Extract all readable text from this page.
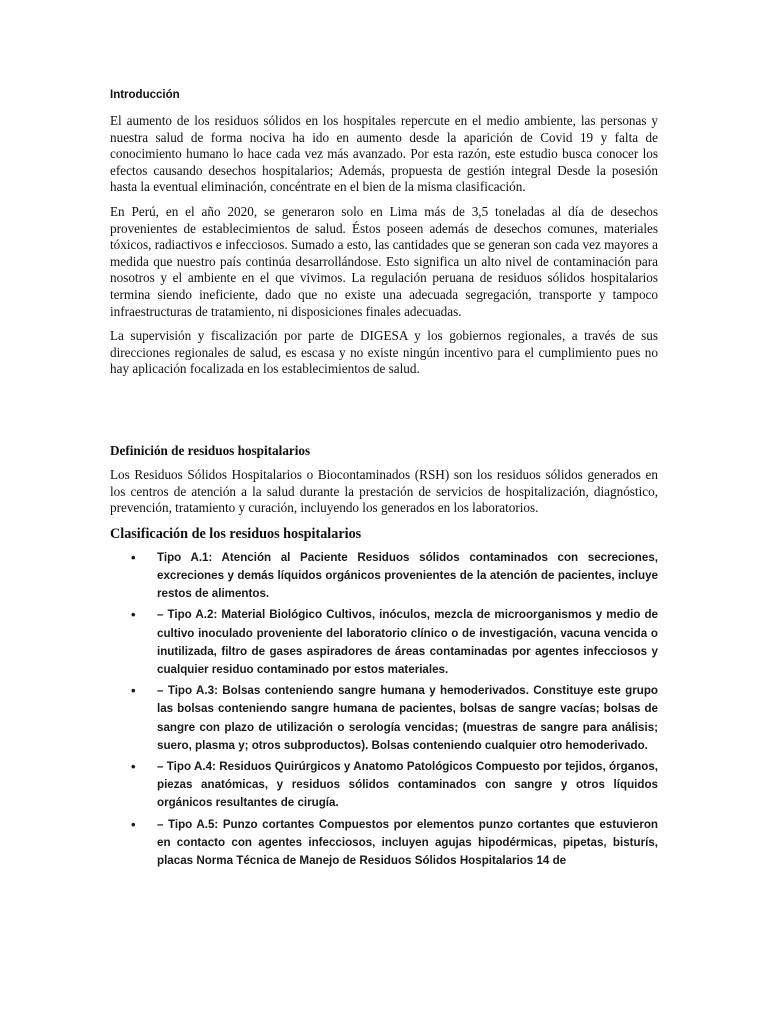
Introducción

El aumento de los residuos sólidos en los hospitales repercute en el medio ambiente, las personas y nuestra salud de forma nociva ha ido en aumento desde la aparición de Covid 19 y falta de conocimiento humano lo hace cada vez más avanzado. Por esta razón, este estudio busca conocer los efectos causando desechos hospitalarios; Además, propuesta de gestión integral Desde la posesión hasta la eventual eliminación, concéntrate en el bien de la misma clasificación.

En Perú, en el año 2020, se generaron solo en Lima más de 3,5 toneladas al día de desechos provenientes de establecimientos de salud. Éstos poseen además de desechos comunes, materiales tóxicos, radiactivos e infecciosos. Sumado a esto, las cantidades que se generan son cada vez mayores a medida que nuestro país continúa desarrollándose. Esto significa un alto nivel de contaminación para nosotros y el ambiente en el que vivimos. La regulación peruana de residuos sólidos hospitalarios termina siendo ineficiente, dado que no existe una adecuada segregación, transporte y tampoco infraestructuras de tratamiento, ni disposiciones finales adecuadas.

La supervisión y fiscalización por parte de DIGESA y los gobiernos regionales, a través de sus direcciones regionales de salud, es escasa y no existe ningún incentivo para el cumplimiento pues no hay aplicación focalizada en los establecimientos de salud.

Definición de residuos hospitalarios

Los Residuos Sólidos Hospitalarios o Biocontaminados (RSH) son los residuos sólidos generados en los centros de atención a la salud durante la prestación de servicios de hospitalización, diagnóstico, prevención, tratamiento y curación, incluyendo los generados en los laboratorios.

Clasificación de los residuos hospitalarios
• Tipo A.1: Atención al Paciente Residuos sólidos contaminados con secreciones, excreciones y demás líquidos orgánicos provenientes de la atención de pacientes, incluye restos de alimentos.
• – Tipo A.2: Material Biológico Cultivos, inóculos, mezcla de microorganismos y medio de cultivo inoculado proveniente del laboratorio clínico o de investigación, vacuna vencida o inutilizada, filtro de gases aspiradores de áreas contaminadas por agentes infecciosos y cualquier residuo contaminado por estos materiales.
• – Tipo A.3: Bolsas conteniendo sangre humana y hemoderivados. Constituye este grupo las bolsas conteniendo sangre humana de pacientes, bolsas de sangre vacías; bolsas de sangre con plazo de utilización o serología vencidas; (muestras de sangre para análisis; suero, plasma y; otros subproductos). Bolsas conteniendo cualquier otro hemoderivado.
• – Tipo A.4: Residuos Quirúrgicos y Anatomo Patológicos Compuesto por tejidos, órganos, piezas anatómicas, y residuos sólidos contaminados con sangre y otros líquidos orgánicos resultantes de cirugía.
• – Tipo A.5: Punzo cortantes Compuestos por elementos punzo cortantes que estuvieron en contacto con agentes infecciosos, incluyen agujas hipodérmicas, pipetas, bisturís, placas Norma Técnica de Manejo de Residuos Sólidos Hospitalarios 14 de
